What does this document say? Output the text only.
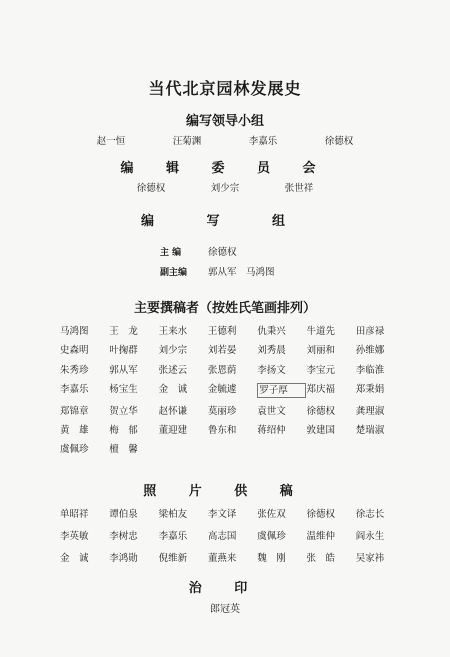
当代北京园林发展史
编写领导小组
赵一恒	汪菊渊	李嘉乐	徐德权
编 辑 委 员 会
徐德权	刘少宗	张世祥
编 写 组
主 编	徐德权
副主编 郭从军　马鸿图
主要撰稿者（按姓氏笔画排列）
马鸿图	王　龙	王来水	王德利	仇秉兴	牛道先	田彦禄
史森明	叶掬群	刘少宗	刘若晏	刘秀晨	刘丽和	孙维娜
朱秀珍	郭从军	张述云	张恩荫	李扬文	李宝元	李临淮
李嘉乐	杨宝生	金　诚	金毓遽	罗子厚	郑庆福	郑秉娟
郑锦章	贺立华	赵怀谦	莫丽珍	袁世文	徐德权	龚理淑
黄　雄	梅　郁	董迎建	鲁东和	蒋绍仲	敦建国	楚瑞淑
虞佩珍	檀　馨
照 片 供 稿
单昭祥	谭伯泉	梁柏友	李文译	张佐双	徐德权	徐志长
李英敏	李树忠	李嘉乐	高志国	虞佩珍	温维仲	阎永生
金　诚	李鸿勋	倪维新	董燕来	魏　刚	张　皓	吴家祎
治 印
郎冠英
